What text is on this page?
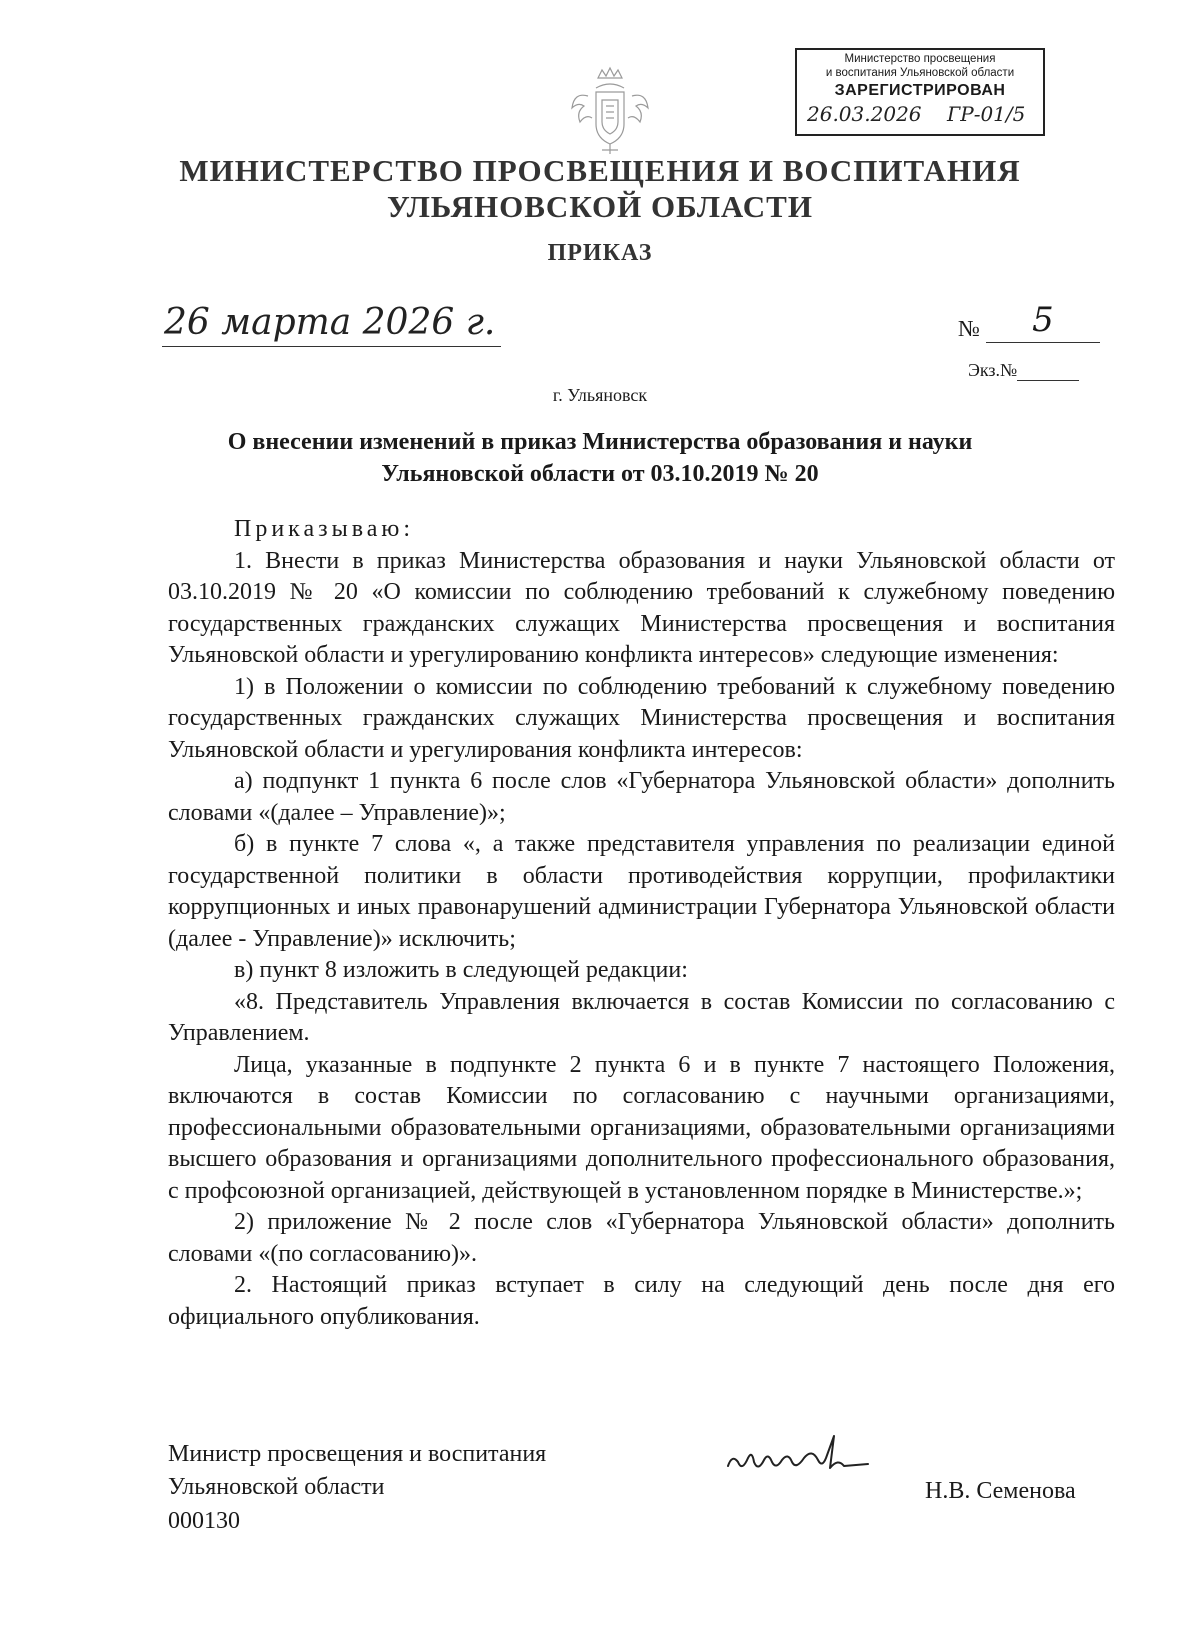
Министерство просвещения
и воспитания Ульяновской области
ЗАРЕГИСТРИРОВАН
26.03.2026 ГР-01/5
МИНИСТЕРСТВО ПРОСВЕЩЕНИЯ И ВОСПИТАНИЯ
УЛЬЯНОВСКОЙ ОБЛАСТИ
ПРИКАЗ
26 марта 2026 г.	№	5
Экз.№
г. Ульяновск
О внесении изменений в приказ Министерства образования и науки
Ульяновской области от 03.10.2019 № 20

Приказываю:

1. Внести в приказ Министерства образования и науки Ульяновской области от 03.10.2019 № 20 «О комиссии по соблюдению требований к служебному поведению государственных гражданских служащих Министерства просвещения и воспитания Ульяновской области и урегулированию конфликта интересов» следующие изменения:

1) в Положении о комиссии по соблюдению требований к служебному поведению государственных гражданских служащих Министерства просвещения и воспитания Ульяновской области и урегулирования конфликта интересов:

а) подпункт 1 пункта 6 после слов «Губернатора Ульяновской области» дополнить словами «(далее – Управление)»;

б) в пункте 7 слова «, а также представителя управления по реализации единой государственной политики в области противодействия коррупции, профилактики коррупционных и иных правонарушений администрации Губернатора Ульяновской области (далее - Управление)» исключить;

в) пункт 8 изложить в следующей редакции:

«8. Представитель Управления включается в состав Комиссии по согласованию с Управлением.

Лица, указанные в подпункте 2 пункта 6 и в пункте 7 настоящего Положения, включаются в состав Комиссии по согласованию с научными организациями, профессиональными образовательными организациями, образовательными организациями высшего образования и организациями дополнительного профессионального образования, с профсоюзной организацией, действующей в установленном порядке в Министерстве.»;

2) приложение № 2 после слов «Губернатора Ульяновской области» дополнить словами «(по согласованию)».

2. Настоящий приказ вступает в силу на следующий день после дня его официального опубликования.

Министр просвещения и воспитания
Ульяновской области	Н.В. Семенова
000130
